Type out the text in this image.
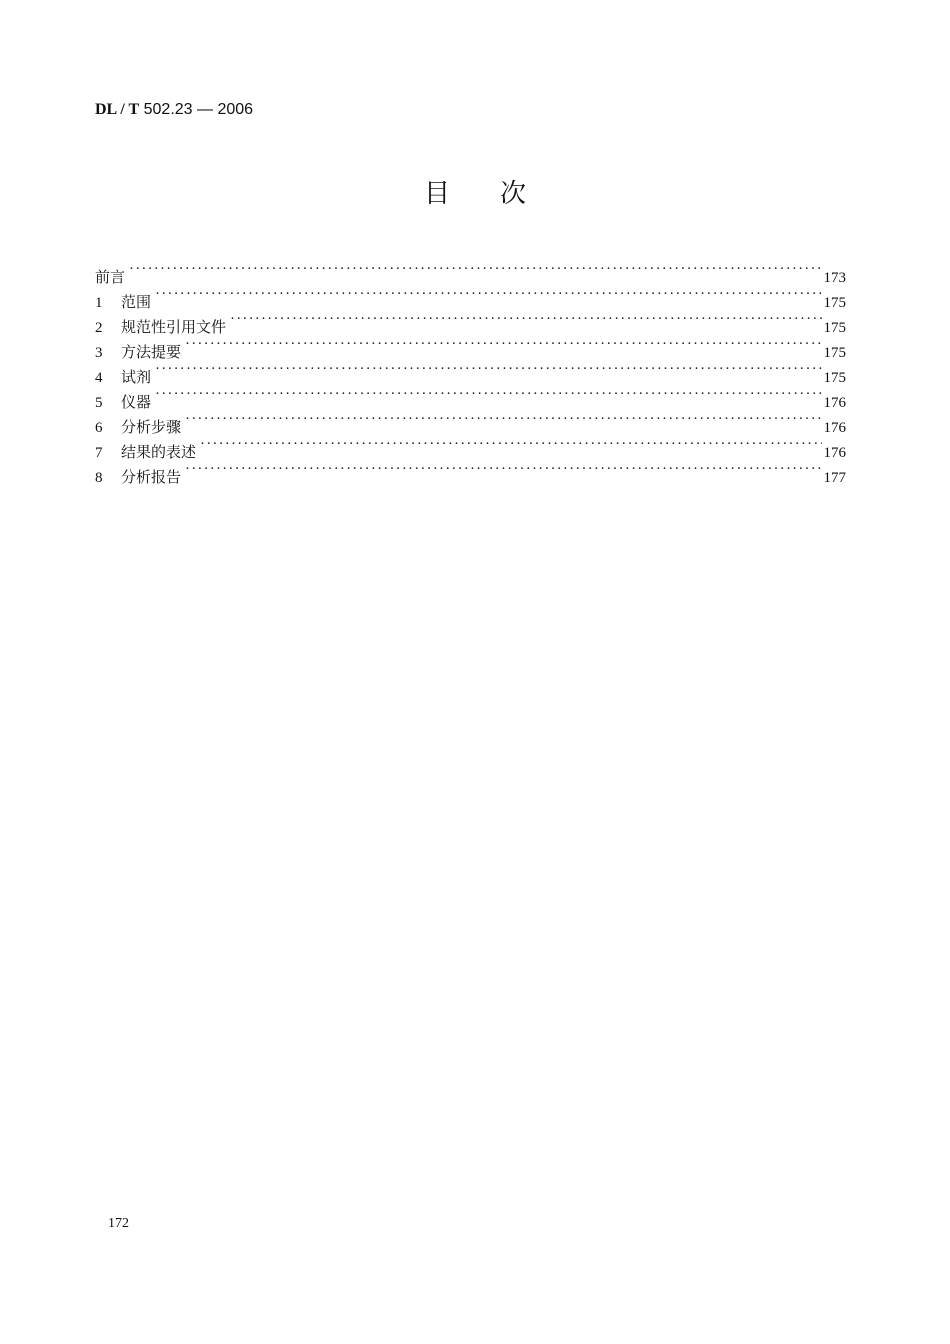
DL / T 502.23 — 2006
目次
前言 ·····	173
1	范围 ·····	175
2	规范性引用文件 ·····	175
3	方法提要 ·····	175
4	试剂 ·····	175
5	仪器 ·····	176
6	分析步骤 ·····	176
7	结果的表述 ·····	176
8	分析报告 ·····	177
172
